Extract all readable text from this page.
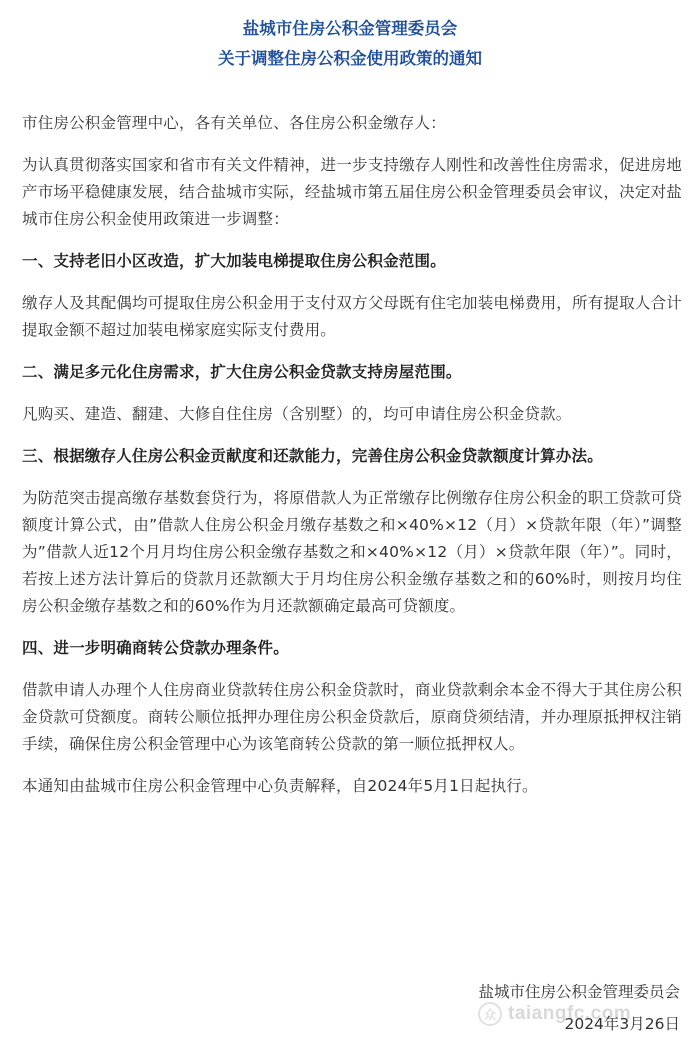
盐城市住房公积金管理委员会
关于调整住房公积金使用政策的通知

市住房公积金管理中心，各有关单位、各住房公积金缴存人：

为认真贯彻落实国家和省市有关文件精神，进一步支持缴存人刚性和改善性住房需求，促进房地产市场平稳健康发展，结合盐城市实际，经盐城市第五届住房公积金管理委员会审议，决定对盐城市住房公积金使用政策进一步调整：

一、支持老旧小区改造，扩大加装电梯提取住房公积金范围。

缴存人及其配偶均可提取住房公积金用于支付双方父母既有住宅加装电梯费用，所有提取人合计提取金额不超过加装电梯家庭实际支付费用。

二、满足多元化住房需求，扩大住房公积金贷款支持房屋范围。

凡购买、建造、翻建、大修自住住房（含别墅）的，均可申请住房公积金贷款。

三、根据缴存人住房公积金贡献度和还款能力，完善住房公积金贷款额度计算办法。

为防范突击提高缴存基数套贷行为，将原借款人为正常缴存比例缴存住房公积金的职工贷款可贷额度计算公式，由”借款人住房公积金月缴存基数之和×40%×12（月）×贷款年限（年）”调整为”借款人近12个月月均住房公积金缴存基数之和×40%×12（月）×贷款年限（年）”。同时，若按上述方法计算后的贷款月还款额大于月均住房公积金缴存基数之和的60%时，则按月均住房公积金缴存基数之和的60%作为月还款额确定最高可贷额度。

四、进一步明确商转公贷款办理条件。

借款申请人办理个人住房商业贷款转住房公积金贷款时，商业贷款剩余本金不得大于其住房公积金贷款可贷额度。商转公顺位抵押办理住房公积金贷款后，原商贷须结清，并办理原抵押权注销手续，确保住房公积金管理中心为该笔商转公贷款的第一顺位抵押权人。

本通知由盐城市住房公积金管理中心负责解释，自2024年5月1日起执行。

盐城市住房公积金管理委员会
众 taiangfc.com
2024年3月26日
